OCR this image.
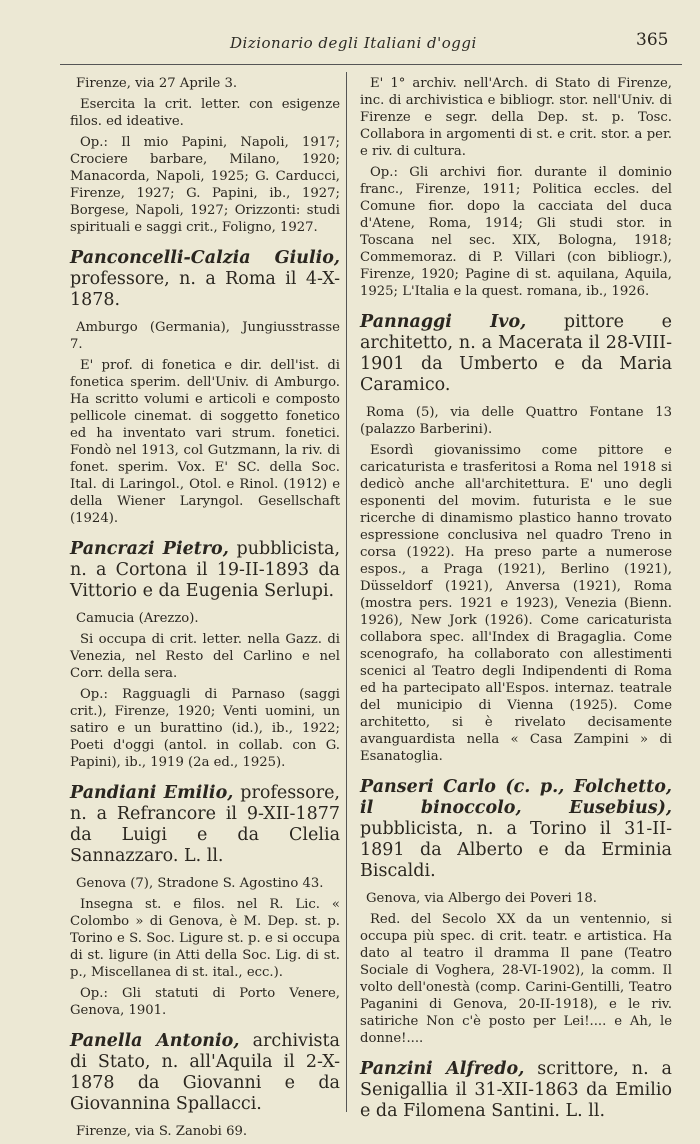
Dizionario degli Italiani d'oggi	365

Firenze, via 27 Aprile 3.

Esercita la crit. letter. con esigenze filos. ed ideative.

Op.: Il mio Papini, Napoli, 1917; Crociere barbare, Milano, 1920; Manacorda, Napoli, 1925; G. Carducci, Firenze, 1927; G. Papini, ib., 1927; Borgese, Napoli, 1927; Orizzonti: studi spirituali e saggi crit., Foligno, 1927.

Panconcelli-Calzia Giulio, professore, n. a Roma il 4-X-1878.

Amburgo (Germania), Jungiusstrasse 7.

E' prof. di fonetica e dir. dell'ist. di fonetica sperim. dell'Univ. di Amburgo. Ha scritto volumi e articoli e composto pellicole cinemat. di soggetto fonetico ed ha inventato vari strum. fonetici. Fondò nel 1913, col Gutzmann, la riv. di fonet. sperim. Vox. E' SC. della Soc. Ital. di Laringol., Otol. e Rinol. (1912) e della Wiener Laryngol. Gesellschaft (1924).

Pancrazi Pietro, pubblicista, n. a Cortona il 19-II-1893 da Vittorio e da Eugenia Serlupi.

Camucia (Arezzo).

Si occupa di crit. letter. nella Gazz. di Venezia, nel Resto del Carlino e nel Corr. della sera.

Op.: Ragguagli di Parnaso (saggi crit.), Firenze, 1920; Venti uomini, un satiro e un burattino (id.), ib., 1922; Poeti d'oggi (antol. in collab. con G. Papini), ib., 1919 (2a ed., 1925).

Pandiani Emilio, professore, n. a Refrancore il 9-XII-1877 da Luigi e da Clelia Sannazzaro. L. ll.

Genova (7), Stradone S. Agostino 43.

Insegna st. e filos. nel R. Lic. « Colombo » di Genova, è M. Dep. st. p. Torino e S. Soc. Ligure st. p. e si occupa di st. ligure (in Atti della Soc. Lig. di st. p., Miscellanea di st. ital., ecc.).

Op.: Gli statuti di Porto Venere, Genova, 1901.

Panella Antonio, archivista di Stato, n. all'Aquila il 2-X-1878 da Giovanni e da Giovannina Spallacci.

Firenze, via S. Zanobi 69.

E' 1° archiv. nell'Arch. di Stato di Firenze, inc. di archivistica e bibliogr. stor. nell'Univ. di Firenze e segr. della Dep. st. p. Tosc. Collabora in argomenti di st. e crit. stor. a per. e riv. di cultura.

Op.: Gli archivi fior. durante il dominio franc., Firenze, 1911; Politica eccles. del Comune fior. dopo la cacciata del duca d'Atene, Roma, 1914; Gli studi stor. in Toscana nel sec. XIX, Bologna, 1918; Commemoraz. di P. Villari (con bibliogr.), Firenze, 1920; Pagine di st. aquilana, Aquila, 1925; L'Italia e la quest. romana, ib., 1926.

Pannaggi Ivo, pittore e architetto, n. a Macerata il 28-VIII-1901 da Umberto e da Maria Caramico.

Roma (5), via delle Quattro Fontane 13 (palazzo Barberini).

Esordì giovanissimo come pittore e caricaturista e trasferitosi a Roma nel 1918 si dedicò anche all'architettura. E' uno degli esponenti del movim. futurista e le sue ricerche di dinamismo plastico hanno trovato espressione conclusiva nel quadro Treno in corsa (1922). Ha preso parte a numerose espos., a Praga (1921), Berlino (1921), Düsseldorf (1921), Anversa (1921), Roma (mostra pers. 1921 e 1923), Venezia (Bienn. 1926), New Jork (1926). Come caricaturista collabora spec. all'Index di Bragaglia. Come scenografo, ha collaborato con allestimenti scenici al Teatro degli Indipendenti di Roma ed ha partecipato all'Espos. internaz. teatrale del municipio di Vienna (1925). Come architetto, si è rivelato decisamente avanguardista nella « Casa Zampini » di Esanatoglia.

Panseri Carlo (c. p., Folchetto, il binoccolo, Eusebius), pubblicista, n. a Torino il 31-II-1891 da Alberto e da Erminia Biscaldi.

Genova, via Albergo dei Poveri 18.

Red. del Secolo XX da un ventennio, si occupa più spec. di crit. teatr. e artistica. Ha dato al teatro il dramma Il pane (Teatro Sociale di Voghera, 28-VI-1902), la comm. Il volto dell'onestà (comp. Carini-Gentilli, Teatro Paganini di Genova, 20-II-1918), e le riv. satiriche Non c'è posto per Lei!.... e Ah, le donne!....

Panzini Alfredo, scrittore, n. a Senigallia il 31-XII-1863 da Emilio e da Filomena Santini. L. ll.
